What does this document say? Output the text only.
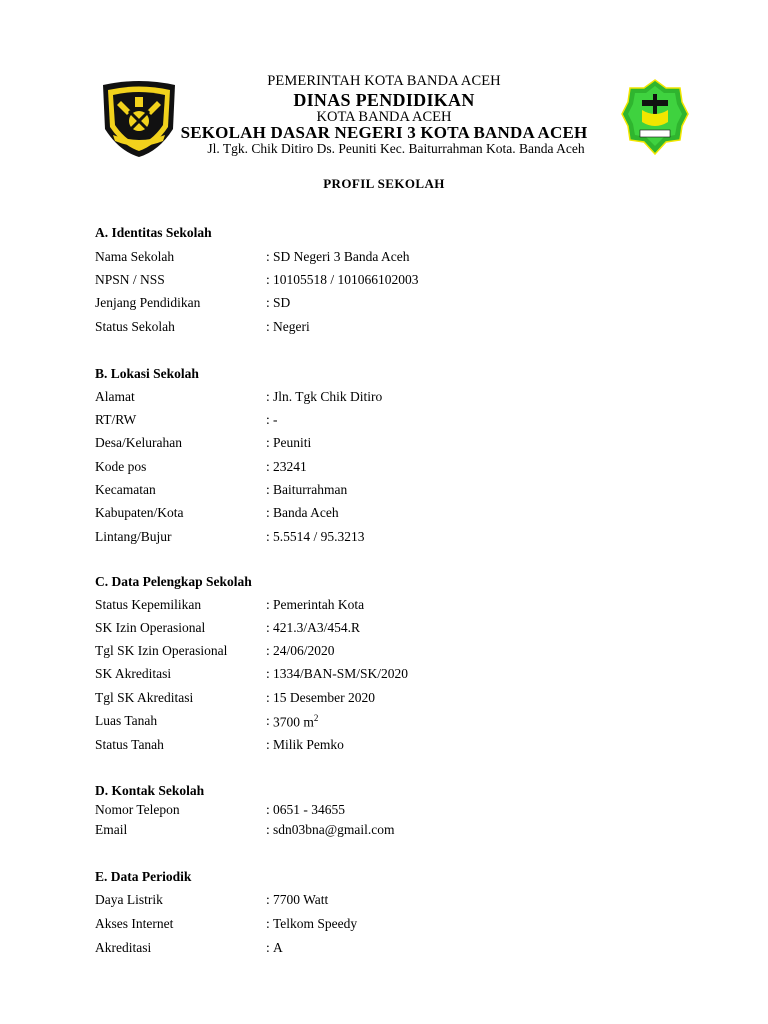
PEMERINTAH KOTA BANDA ACEH
DINAS PENDIDIKAN
KOTA BANDA ACEH
SEKOLAH DASAR NEGERI 3 KOTA BANDA ACEH
Jl. Tgk. Chik Ditiro Ds. Peuniti Kec. Baiturrahman Kota. Banda Aceh
PROFIL SEKOLAH
A. Identitas Sekolah
Nama Sekolah	: SD Negeri 3 Banda Aceh
NPSN / NSS	: 10105518 / 101066102003
Jenjang Pendidikan	: SD
Status Sekolah	: Negeri
B. Lokasi Sekolah
Alamat	: Jln. Tgk Chik Ditiro
RT/RW	: -
Desa/Kelurahan	: Peuniti
Kode pos	: 23241
Kecamatan	: Baiturrahman
Kabupaten/Kota	: Banda Aceh
Lintang/Bujur	: 5.5514 / 95.3213
C. Data Pelengkap Sekolah
Status Kepemilikan	: Pemerintah Kota
SK Izin Operasional	: 421.3/A3/454.R
Tgl SK Izin Operasional	: 24/06/2020
SK Akreditasi	: 1334/BAN-SM/SK/2020
Tgl SK Akreditasi	: 15 Desember 2020
Luas Tanah	: 3700 $m^2$
Status Tanah	: Milik Pemko
D. Kontak Sekolah
Nomor Telepon	: 0651 - 34655
Email	: sdn03bna@gmail.com
E. Data Periodik
Daya Listrik	: 7700 Watt
Akses Internet	: Telkom Speedy
Akreditasi	: A
